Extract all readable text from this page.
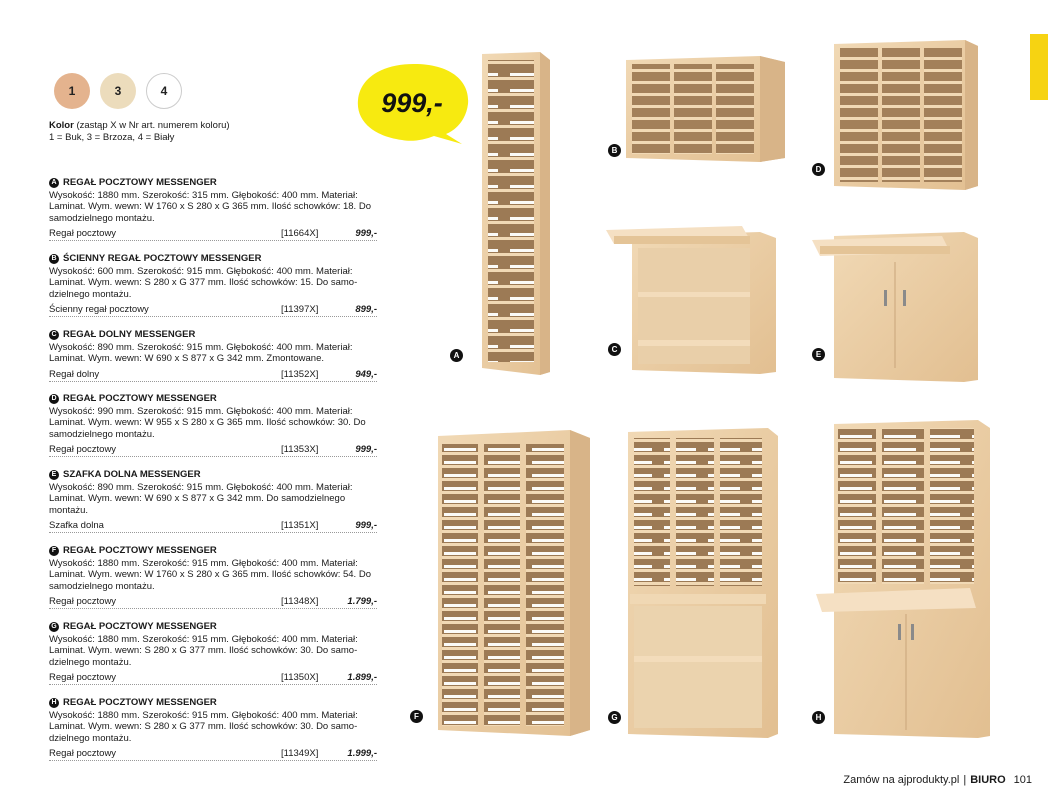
1	3	4
Kolor (zastąp X w Nr art. numerem koloru)
1 = Buk, 3 = Brzoza, 4 = Biały
999,-
A REGAŁ POCZTOWY MESSENGER
Wysokość: 1880 mm. Szerokość: 315 mm. Głębokość: 400 mm. Materiał: Laminat. Wym. wewn: W 1760 x S 280 x G 365 mm. Ilość schowków: 18. Do samodzielnego montażu.
Regał pocztowy	[11664X]	999,-
B ŚCIENNY REGAŁ POCZTOWY MESSENGER
Wysokość: 600 mm. Szerokość: 915 mm. Głębokość: 400 mm. Materiał: Laminat. Wym. wewn: S 280 x G 377 mm. Ilość schowków: 15. Do samo-dzielnego montażu.
Ścienny regał pocztowy	[11397X]	899,-
C REGAŁ DOLNY MESSENGER
Wysokość: 890 mm. Szerokość: 915 mm. Głębokość: 400 mm. Materiał: Laminat. Wym. wewn: W 690 x S 877 x G 342 mm. Zmontowane.
Regał dolny	[11352X]	949,-
D REGAŁ POCZTOWY MESSENGER
Wysokość: 990 mm. Szerokość: 915 mm. Głębokość: 400 mm. Materiał: Laminat. Wym. wewn: W 955 x S 280 x G 365 mm. Ilość schowków: 30. Do samodzielnego montażu.
Regał pocztowy	[11353X]	999,-
E SZAFKA DOLNA MESSENGER
Wysokość: 890 mm. Szerokość: 915 mm. Głębokość: 400 mm. Materiał: Laminat. Wym. wewn: W 690 x S 877 x G 342 mm. Do samodzielnego montażu.
Szafka dolna	[11351X]	999,-
F REGAŁ POCZTOWY MESSENGER
Wysokość: 1880 mm. Szerokość: 915 mm. Głębokość: 400 mm. Materiał: Laminat. Wym. wewn: W 1760 x S 280 x G 365 mm. Ilość schowków: 54. Do samodzielnego montażu.
Regał pocztowy	[11348X]	1.799,-
G REGAŁ POCZTOWY MESSENGER
Wysokość: 1880 mm. Szerokość: 915 mm. Głębokość: 400 mm. Materiał: Laminat. Wym. wewn: S 280 x G 377 mm. Ilość schowków: 30. Do samo-dzielnego montażu.
Regał pocztowy	[11350X]	1.899,-
H REGAŁ POCZTOWY MESSENGER
Wysokość: 1880 mm. Szerokość: 915 mm. Głębokość: 400 mm. Materiał: Laminat. Wym. wewn: S 280 x G 377 mm. Ilość schowków: 30. Do samo-dzielnego montażu.
Regał pocztowy	[11349X]	1.999,-
A
B
C
D
E
F	G	H
Zamów na ajprodukty.pl | BIURO 101
